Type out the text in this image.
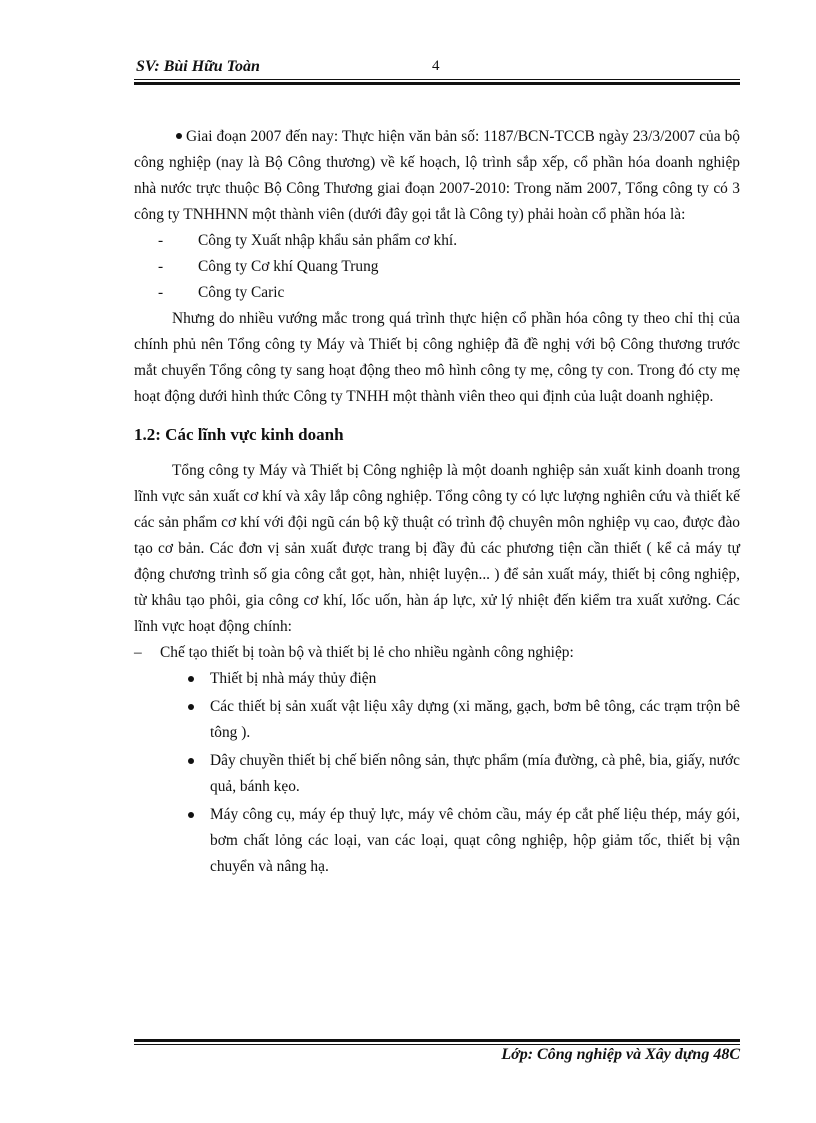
SV: Bùi Hữu Toàn	4

Giai đoạn 2007 đến nay: Thực hiện văn bản số: 1187/BCN-TCCB ngày 23/3/2007 của bộ công nghiệp (nay là Bộ Công thương) về kế hoạch, lộ trình sắp xếp, cổ phần hóa doanh nghiệp nhà nước trực thuộc Bộ Công Thương giai đoạn 2007-2010: Trong năm 2007, Tổng công ty có 3 công ty TNHHNN một thành viên (dưới đây gọi tắt là Công ty) phải hoàn cổ phần hóa là:

- Công ty Xuất nhập khẩu sản phẩm cơ khí.
- Công ty Cơ khí Quang Trung
- Công ty Caric

Nhưng do nhiều vướng mắc trong quá trình thực hiện cổ phần hóa công ty theo chỉ thị của chính phủ nên Tổng công ty Máy và Thiết bị công nghiệp đã đề nghị với bộ Công thương trước mắt chuyển Tổng công ty sang hoạt động theo mô hình công ty mẹ, công ty con. Trong đó cty mẹ hoạt động dưới hình thức Công ty TNHH một thành viên theo qui định của luật doanh nghiệp.

1.2: Các lĩnh vực kinh doanh

Tổng công ty Máy và Thiết bị Công nghiệp là một doanh nghiệp sản xuất kinh doanh trong lĩnh vực sản xuất cơ khí và xây lắp công nghiệp. Tổng công ty có lực lượng nghiên cứu và thiết kế các sản phẩm cơ khí với đội ngũ cán bộ kỹ thuật có trình độ chuyên môn nghiệp vụ cao, được đào tạo cơ bản. Các đơn vị sản xuất được trang bị đầy đủ các phương tiện cần thiết ( kể cả máy tự động chương trình số gia công cắt gọt, hàn, nhiệt luyện... ) để sản xuất máy, thiết bị công nghiệp, từ khâu tạo phôi, gia công cơ khí, lốc uốn, hàn áp lực, xử lý nhiệt đến kiểm tra xuất xưởng. Các lĩnh vực hoạt động chính:

– Chế tạo thiết bị toàn bộ và thiết bị lẻ cho nhiều ngành công nghiệp:
Thiết bị nhà máy thủy điện
Các thiết bị sản xuất vật liệu xây dựng (xi măng, gạch, bơm bê tông, các trạm trộn bê tông ).
Dây chuyền thiết bị chế biến nông sản, thực phẩm (mía đường, cà phê, bia, giấy, nước quả, bánh kẹo.
Máy công cụ, máy ép thuỷ lực, máy vê chỏm cầu, máy ép cắt phế liệu thép, máy gói, bơm chất lỏng các loại, van các loại, quạt công nghiệp, hộp giảm tốc, thiết bị vận chuyển và nâng hạ.
Lớp: Công nghiệp và Xây dựng 48C
